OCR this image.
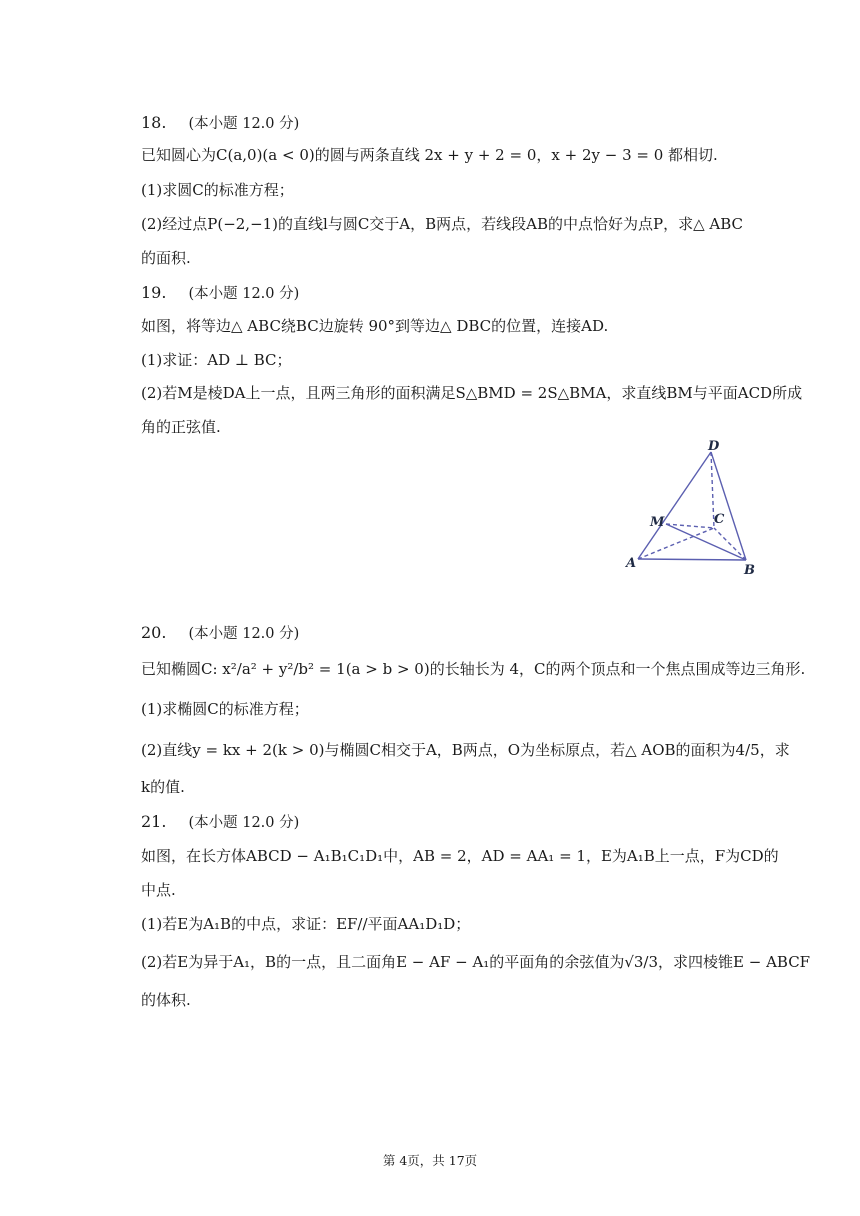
18. (本小题 12.0 分)
已知圆心为C(a,0)(a < 0)的圆与两条直线 2x + y + 2 = 0，x + 2y − 3 = 0 都相切.
(1)求圆C的标准方程；
(2)经过点P(−2,−1)的直线l与圆C交于A，B两点，若线段AB的中点恰好为点P，求△ ABC
的面积.
19. (本小题 12.0 分)
如图，将等边△ ABC绕BC边旋转 90°到等边△ DBC的位置，连接AD.
(1)求证：AD ⊥ BC；
(2)若M是棱DA上一点，且两三角形的面积满足S△BMD = 2S△BMA，求直线BM与平面ACD所成
角的正弦值.
D
M	C
A	B
20. (本小题 12.0 分)
已知椭圆C: x²/a² + y²/b² = 1(a > b > 0)的长轴长为 4，C的两个顶点和一个焦点围成等边三角形.
(1)求椭圆C的标准方程；
(2)直线y = kx + 2(k > 0)与椭圆C相交于A，B两点，O为坐标原点，若△ AOB的面积为4/5，求
k的值.
21. (本小题 12.0 分)
如图，在长方体ABCD − A₁B₁C₁D₁中，AB = 2，AD = AA₁ = 1，E为A₁B上一点，F为CD的
中点.
(1)若E为A₁B的中点，求证：EF//平面AA₁D₁D；
(2)若E为异于A₁，B的一点，且二面角E − AF − A₁的平面角的余弦值为√3/3，求四棱锥E − ABCF
的体积.
第 4页，共 17页
